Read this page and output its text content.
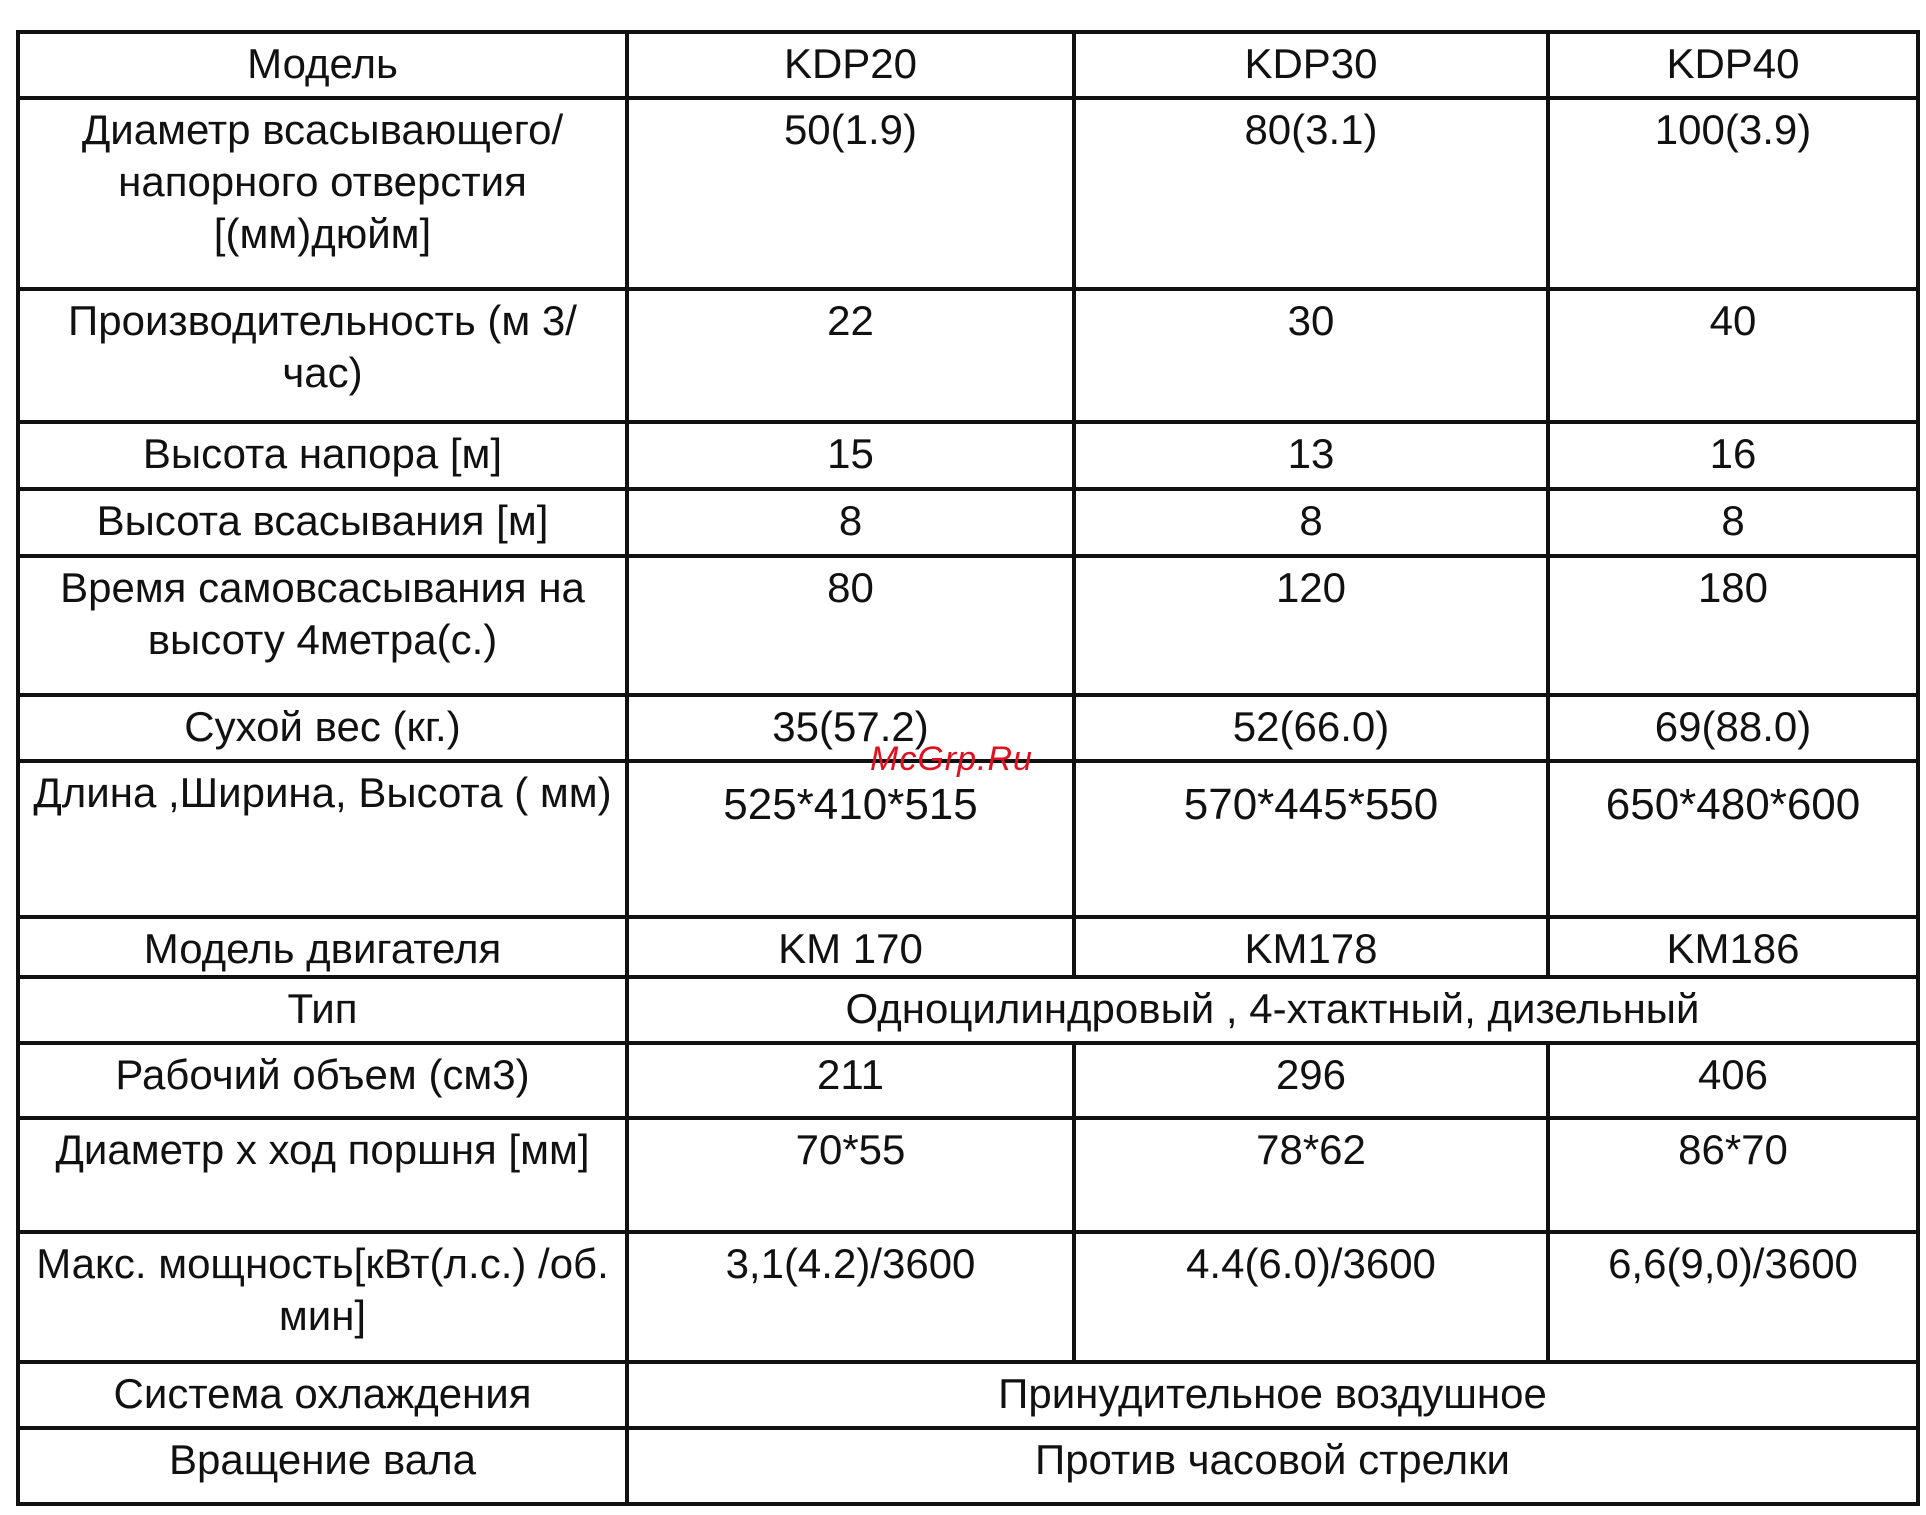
Модель	KDP20	KDP30	KDP40
Диаметр всасывающего/напорного отверстия [(мм)дюйм]	50(1.9)	80(3.1)	100(3.9)
Производительность (м 3/час)	22	30	40
Высота напора [м]	15	13	16
Высота всасывания [м]	8	8	8
Время самовсасывания на высоту 4метра(с.)	80	120	180
Сухой вес (кг.)	35(57.2)	52(66.0)	69(88.0)
Длина ,Ширина, Высота ( мм)	525*410*515	570*445*550	650*480*600
Модель двигателя	KM 170	KM178	KM186
Тип	Одноцилиндровый , 4-хтактный, дизельный		
Рабочий объем (см3)	211	296	406
Диаметр х ход поршня [мм]	70*55	78*62	86*70
Макс. мощность[кВт(л.с.) /об. мин]	3,1(4.2)/3600	4.4(6.0)/3600	6,6(9,0)/3600
Система охлаждения	Принудительное воздушное		
Вращение вала	Против часовой стрелки		
McGrp.Ru
